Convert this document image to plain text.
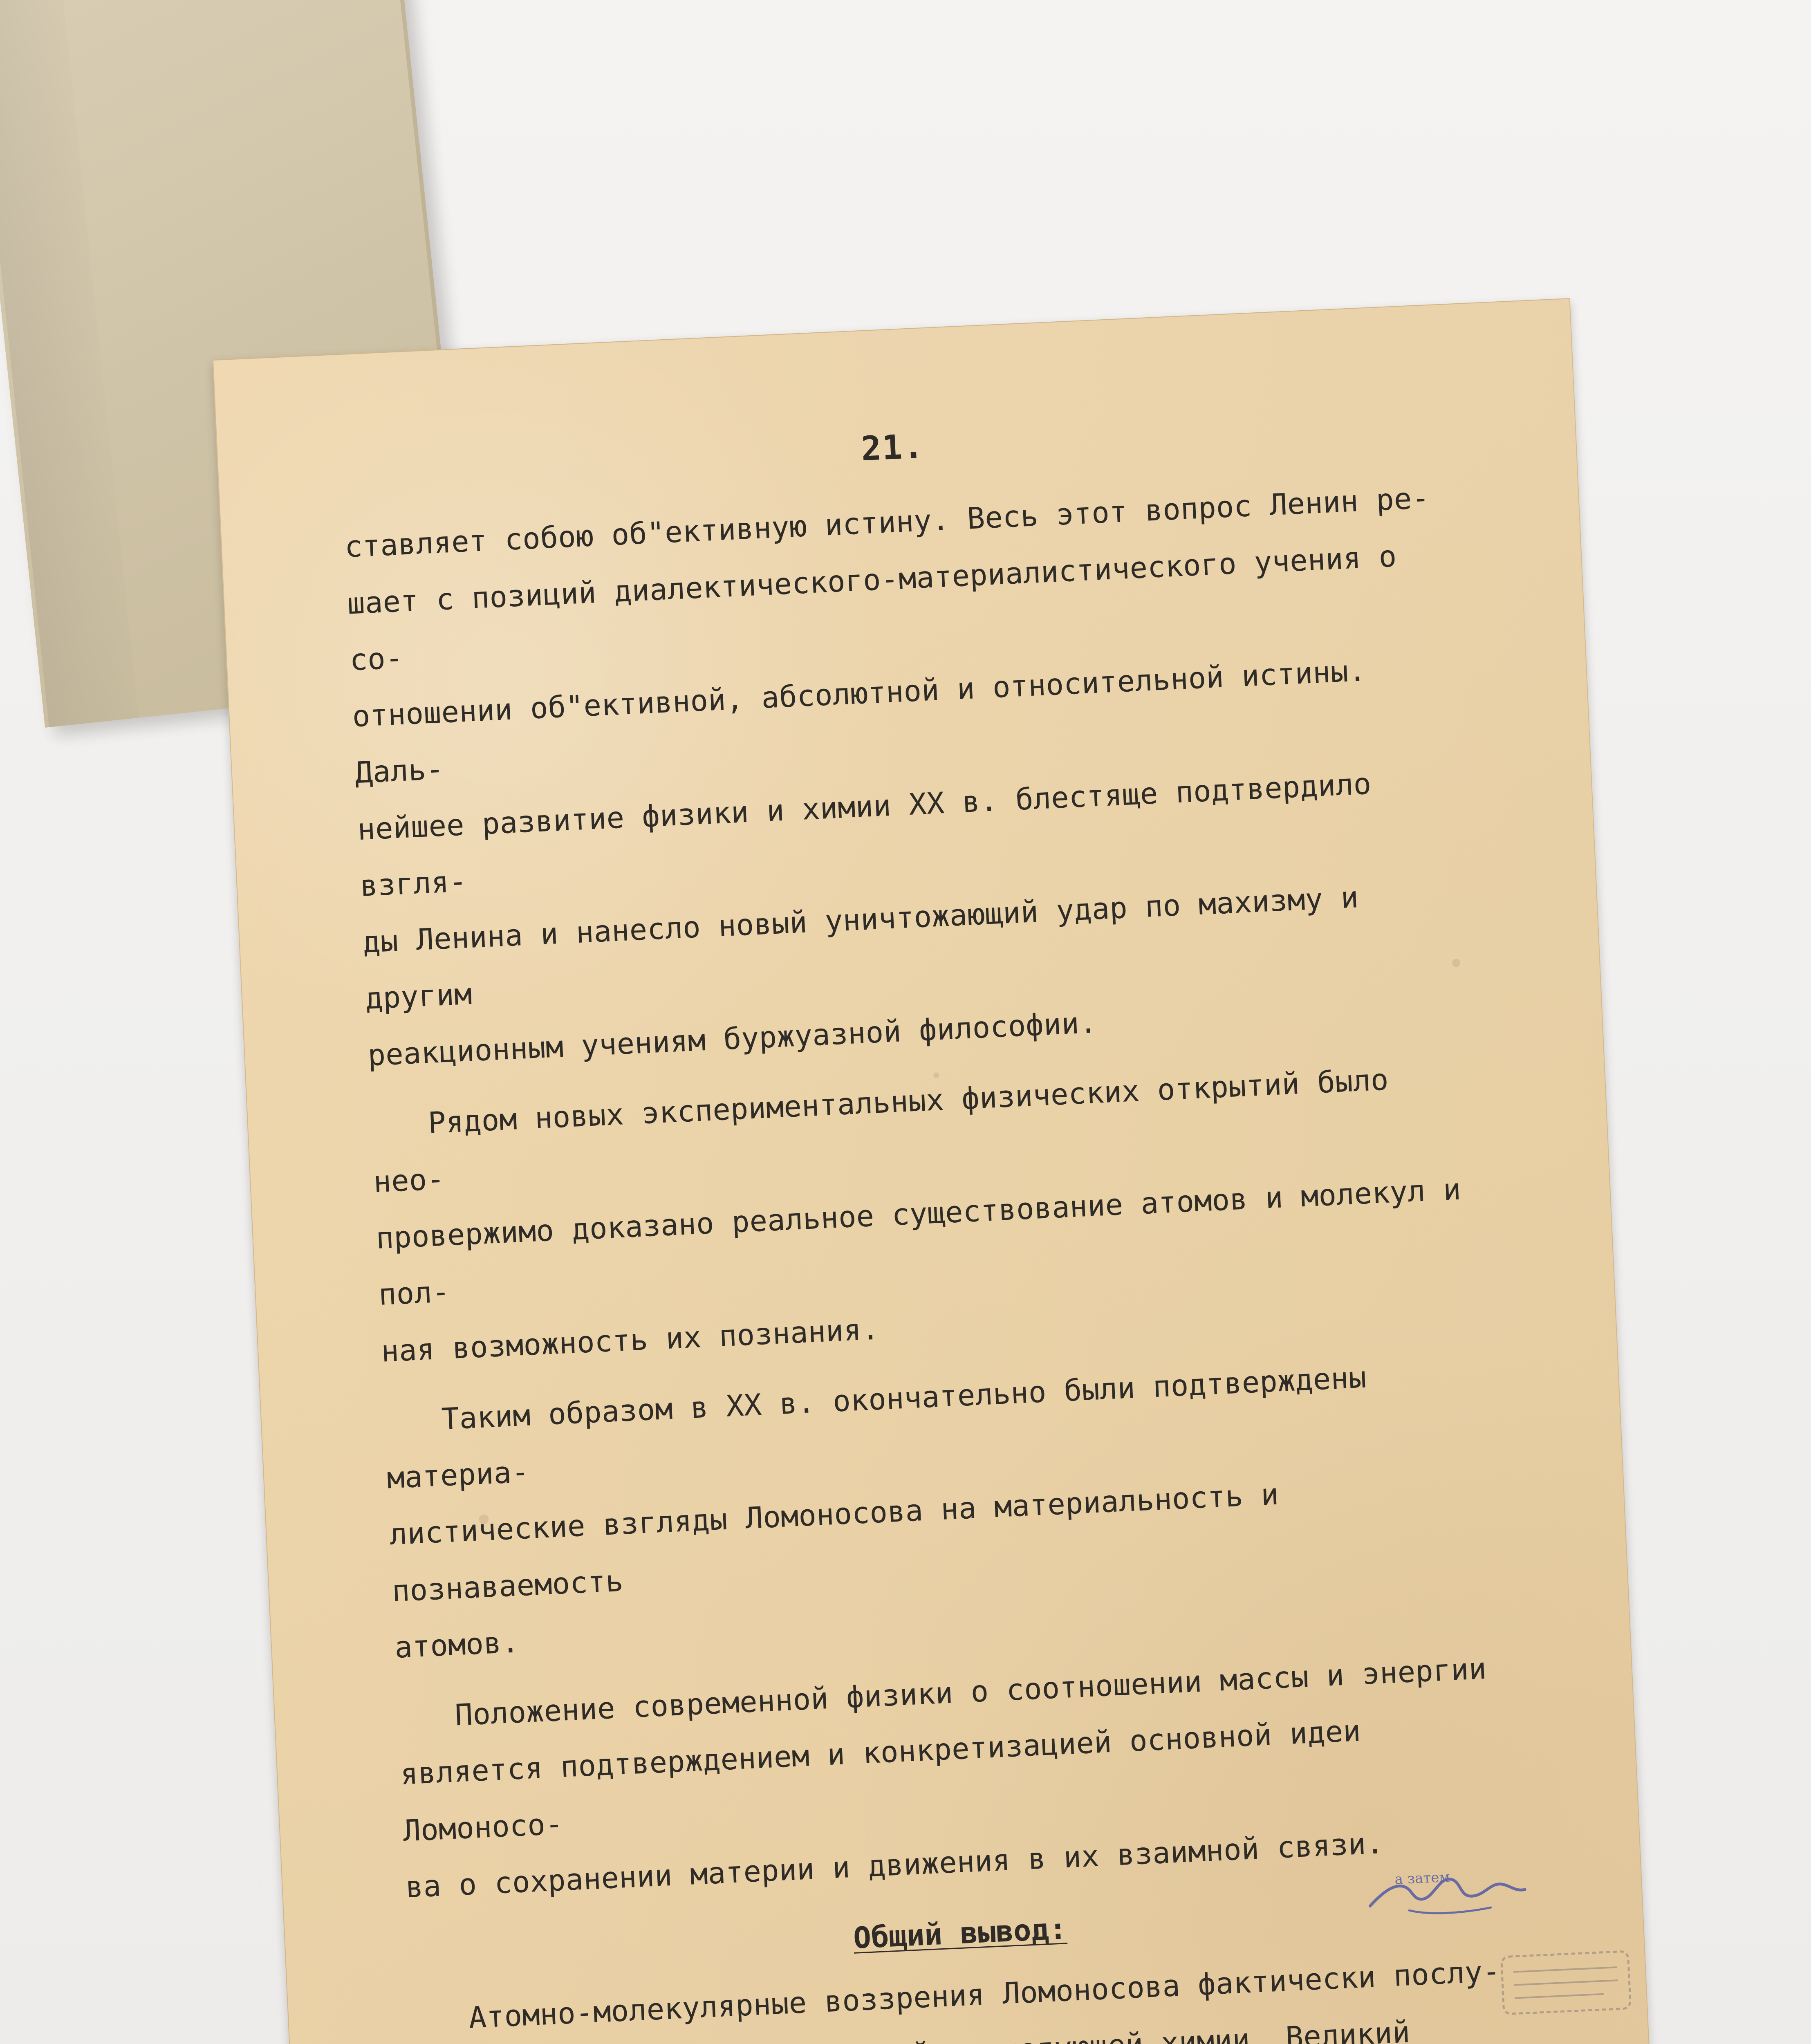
21.
ставляет собою об"ективную истину. Весь этот вопрос Ленин ре-
шает с позиций диалектического-материалистического учения о со-
отношении об"ективной, абсолютной и относительной истины. Даль-
нейшее развитие физики и химии XX в. блестяще подтвердило взгля-
ды Ленина и нанесло новый уничтожающий удар по махизму и другим
реакционным учениям буржуазной философии.
Рядом новых экспериментальных физических открытий было нео-
провержимо доказано реальное существование атомов и молекул и пол-
ная возможность их познания.
Таким образом в XX в. окончательно были подтверждены материа-
листические взгляды Ломоносова на материальность и познаваемость
атомов.
Положение современной физики о соотношении массы и энергии
является подтверждением и конкретизацией основной идеи Ломоносо-
ва о сохранении материи и движения в их взаимной связи.
Общий вывод:
Атомно-молекулярные воззрения Ломоносова фактически послу-
химии. Великий

а затем
